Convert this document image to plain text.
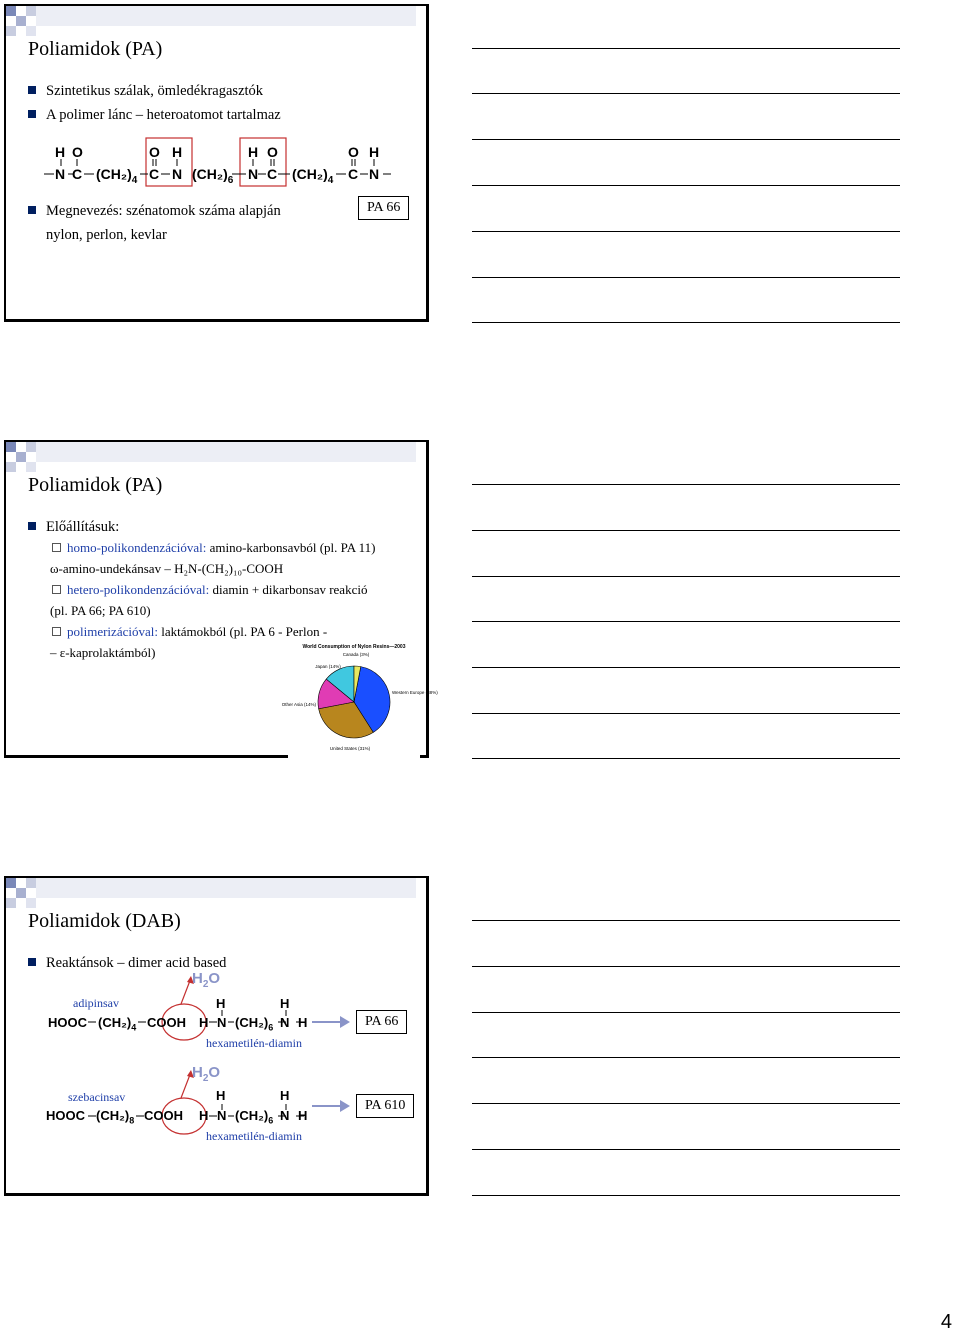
Poliamidok (PA)
Szintetikus szálak, ömledékragasztók
A polimer lánc – heteroatomot tartalmaz
H O
N C $(CH_2)_4$
O H
C N $(CH_2)_6$
H O
N C $(CH_2)_4$
O H
C N
Megnevezés: szénatomok száma alapján
nylon, perlon, kevlar
PA 66
Poliamidok (PA)
Előállításuk:
homo-polikondenzációval: amino-karbonsavból (pl. PA 11)
ω-amino-undekánsav – H₂N-(CH₂)₁₀-COOH
hetero-polikondenzációval: diamin + dikarbonsav reakció
(pl. PA 66; PA 610)
polimerizációval: laktámokból (pl. PA 6 - Perlon -
– ε-kaprolaktámból)	World Consumption of Nylon Resins—2003
Western Europe (38%)
United States (31%)
Other Asia (14%)
Japan (14%)
Canada (3%)
Poliamidok (DAB)
Reaktánsok – dimer acid based
adipinsav
HOOC $(CH_2)_4$ COOH
$H_2O$
H	H
H N $(CH_2)_6$ N H
hexametilén-diamin
PA 66
szebacinsav
HOOC $(CH_2)_8$ COOH
$H_2O$
H	H
H N $(CH_2)_6$ N H
hexametilén-diamin
PA 610
4
